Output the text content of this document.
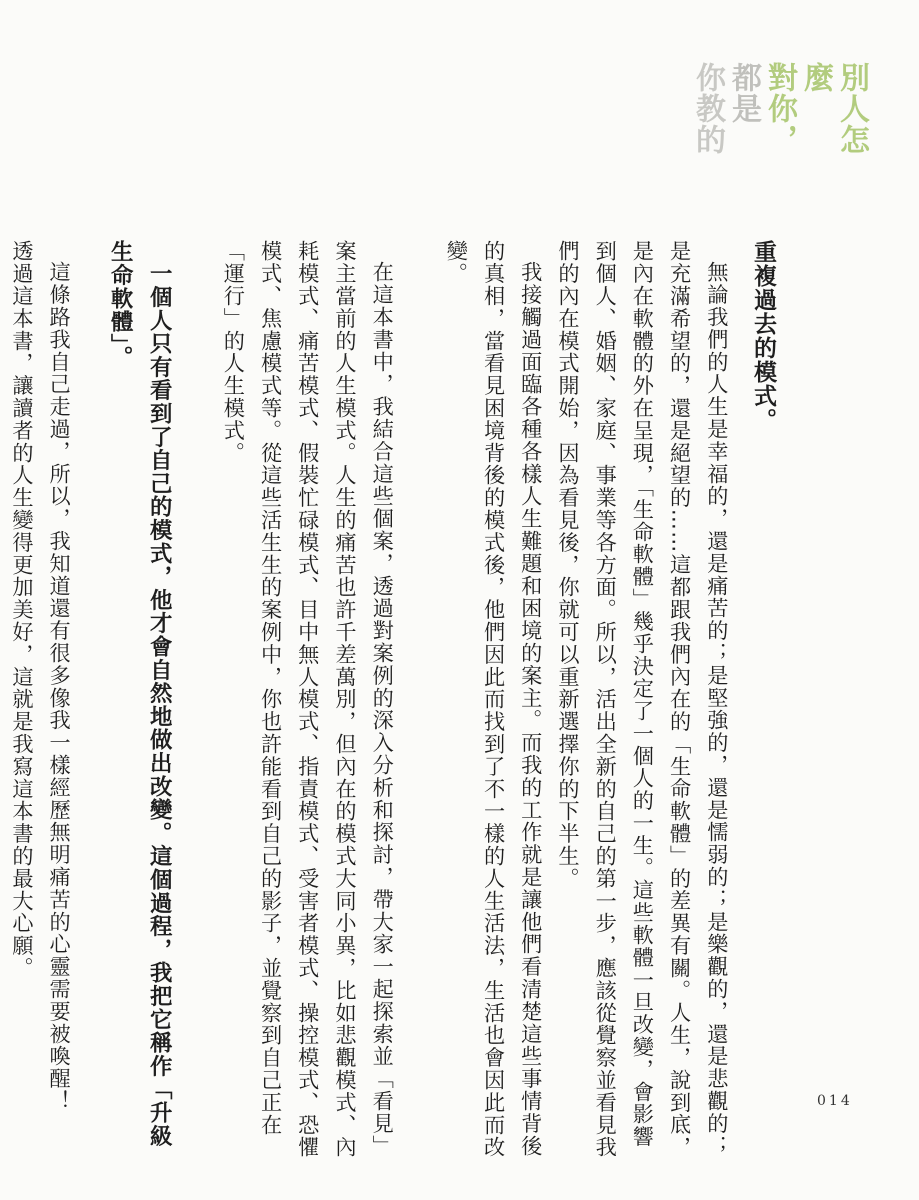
別人怎麼
對你，
都是
你教的

重複過去的模式。

無論我們的人生是幸福的，還是痛苦的；是堅強的，還是懦弱的；是樂觀的，還是悲觀的；是充滿希望的，還是絕望的……這都跟我們內在的「生命軟體」的差異有關。人生，說到底，是內在軟體的外在呈現，「生命軟體」幾乎決定了一個人的一生。這些軟體一旦改變，會影響到個人、婚姻、家庭、事業等各方面。所以，活出全新的自己的第一步，應該從覺察並看見我們的內在模式開始，因為看見後，你就可以重新選擇你的下半生。

我接觸過面臨各種各樣人生難題和困境的案主。而我的工作就是讓他們看清楚這些事情背後的真相，當看見困境背後的模式後，他們因此而找到了不一樣的人生活法，生活也會因此而改變。

在這本書中，我結合這些個案，透過對案例的深入分析和探討，帶大家一起探索並「看見」案主當前的人生模式。人生的痛苦也許千差萬別，但內在的模式大同小異，比如悲觀模式、內耗模式、痛苦模式、假裝忙碌模式、目中無人模式、指責模式、受害者模式、操控模式、恐懼模式、焦慮模式等。從這些活生生的案例中，你也許能看到自己的影子，並覺察到自己正在「運行」的人生模式。

一個人只有看到了自己的模式，他才會自然地做出改變。這個過程，我把它稱作「升級生命軟體」。

這條路我自己走過，所以，我知道還有很多像我一樣經歷無明痛苦的心靈需要被喚醒！

透過這本書，讓讀者的人生變得更加美好，這就是我寫這本書的最大心願。

014
